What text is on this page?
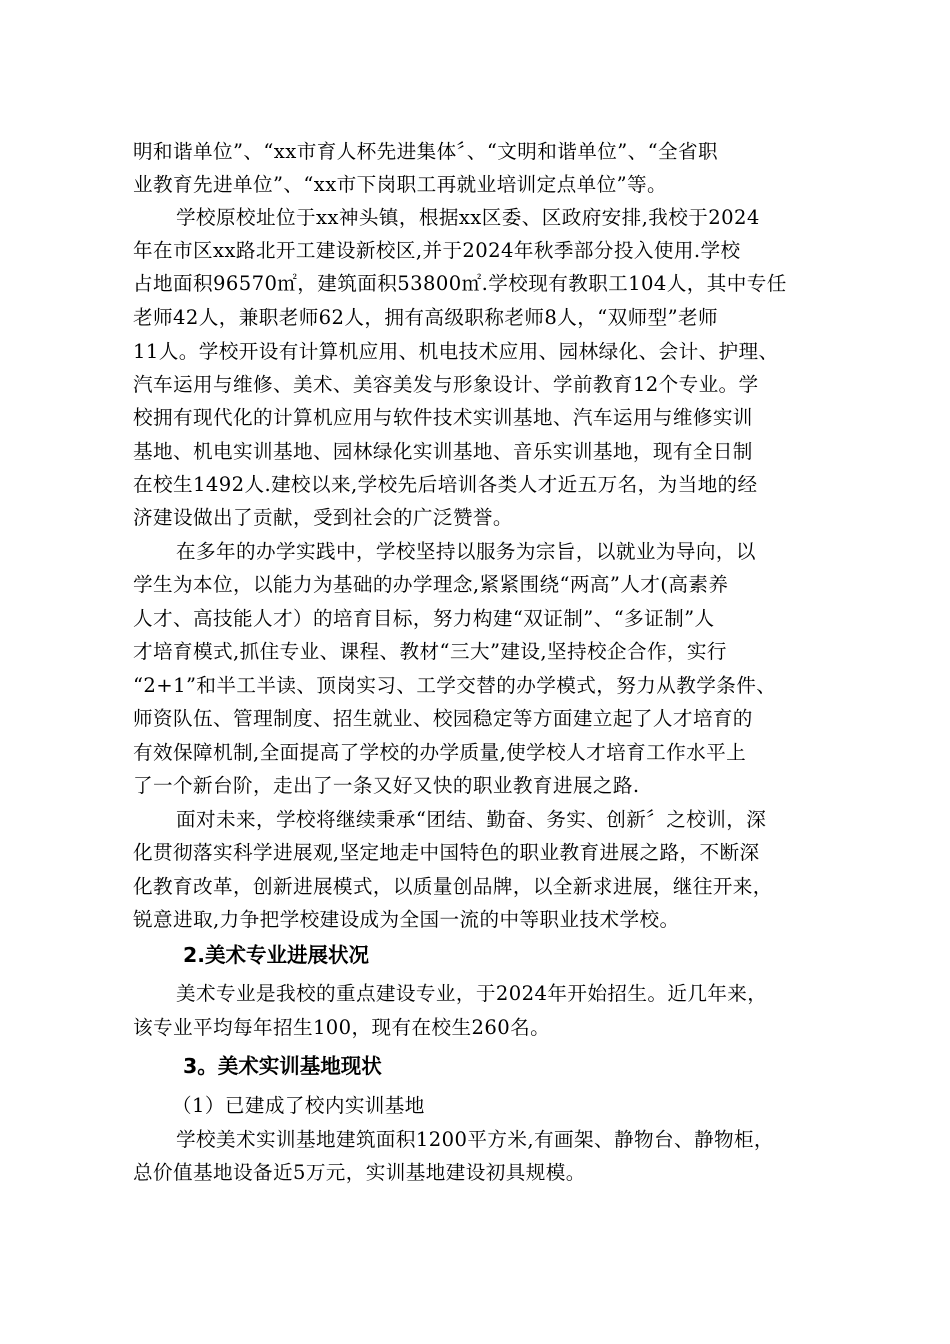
明和谐单位”、“xx市育人杯先进集体〞、“文明和谐单位”、“全省职
业教育先进单位”、“xx市下岗职工再就业培训定点单位”等。
学校原校址位于xx神头镇，根据xx区委、区政府安排,我校于2024
年在市区xx路北开工建设新校区,并于2024年秋季部分投入使用.学校
占地面积96570㎡，建筑面积53800㎡.学校现有教职工104人，其中专任
老师42人，兼职老师62人，拥有高级职称老师8人，“双师型”老师
11人。学校开设有计算机应用、机电技术应用、园林绿化、会计、护理、
汽车运用与维修、美术、美容美发与形象设计、学前教育12个专业。学
校拥有现代化的计算机应用与软件技术实训基地、汽车运用与维修实训
基地、机电实训基地、园林绿化实训基地、音乐实训基地，现有全日制
在校生1492人.建校以来,学校先后培训各类人才近五万名，为当地的经
济建设做出了贡献，受到社会的广泛赞誉。
在多年的办学实践中，学校坚持以服务为宗旨，以就业为导向，以
学生为本位，以能力为基础的办学理念,紧紧围绕“两高”人才(高素养
人才、高技能人才）的培育目标，努力构建“双证制”、“多证制”人
才培育模式,抓住专业、课程、教材“三大”建设,坚持校企合作，实行
“2+1”和半工半读、顶岗实习、工学交替的办学模式，努力从教学条件、
师资队伍、管理制度、招生就业、校园稳定等方面建立起了人才培育的
有效保障机制,全面提高了学校的办学质量,使学校人才培育工作水平上
了一个新台阶，走出了一条又好又快的职业教育进展之路.
面对未来，学校将继续秉承“团结、勤奋、务实、创新〞之校训，深
化贯彻落实科学进展观,坚定地走中国特色的职业教育进展之路，不断深
化教育改革，创新进展模式，以质量创品牌，以全新求进展，继往开来，
锐意进取,力争把学校建设成为全国一流的中等职业技术学校。
2.美术专业进展状况
美术专业是我校的重点建设专业，于2024年开始招生。近几年来，
该专业平均每年招生100，现有在校生260名。
3。美术实训基地现状
（1）已建成了校内实训基地
学校美术实训基地建筑面积1200平方米,有画架、静物台、静物柜，
总价值基地设备近5万元，实训基地建设初具规模。
